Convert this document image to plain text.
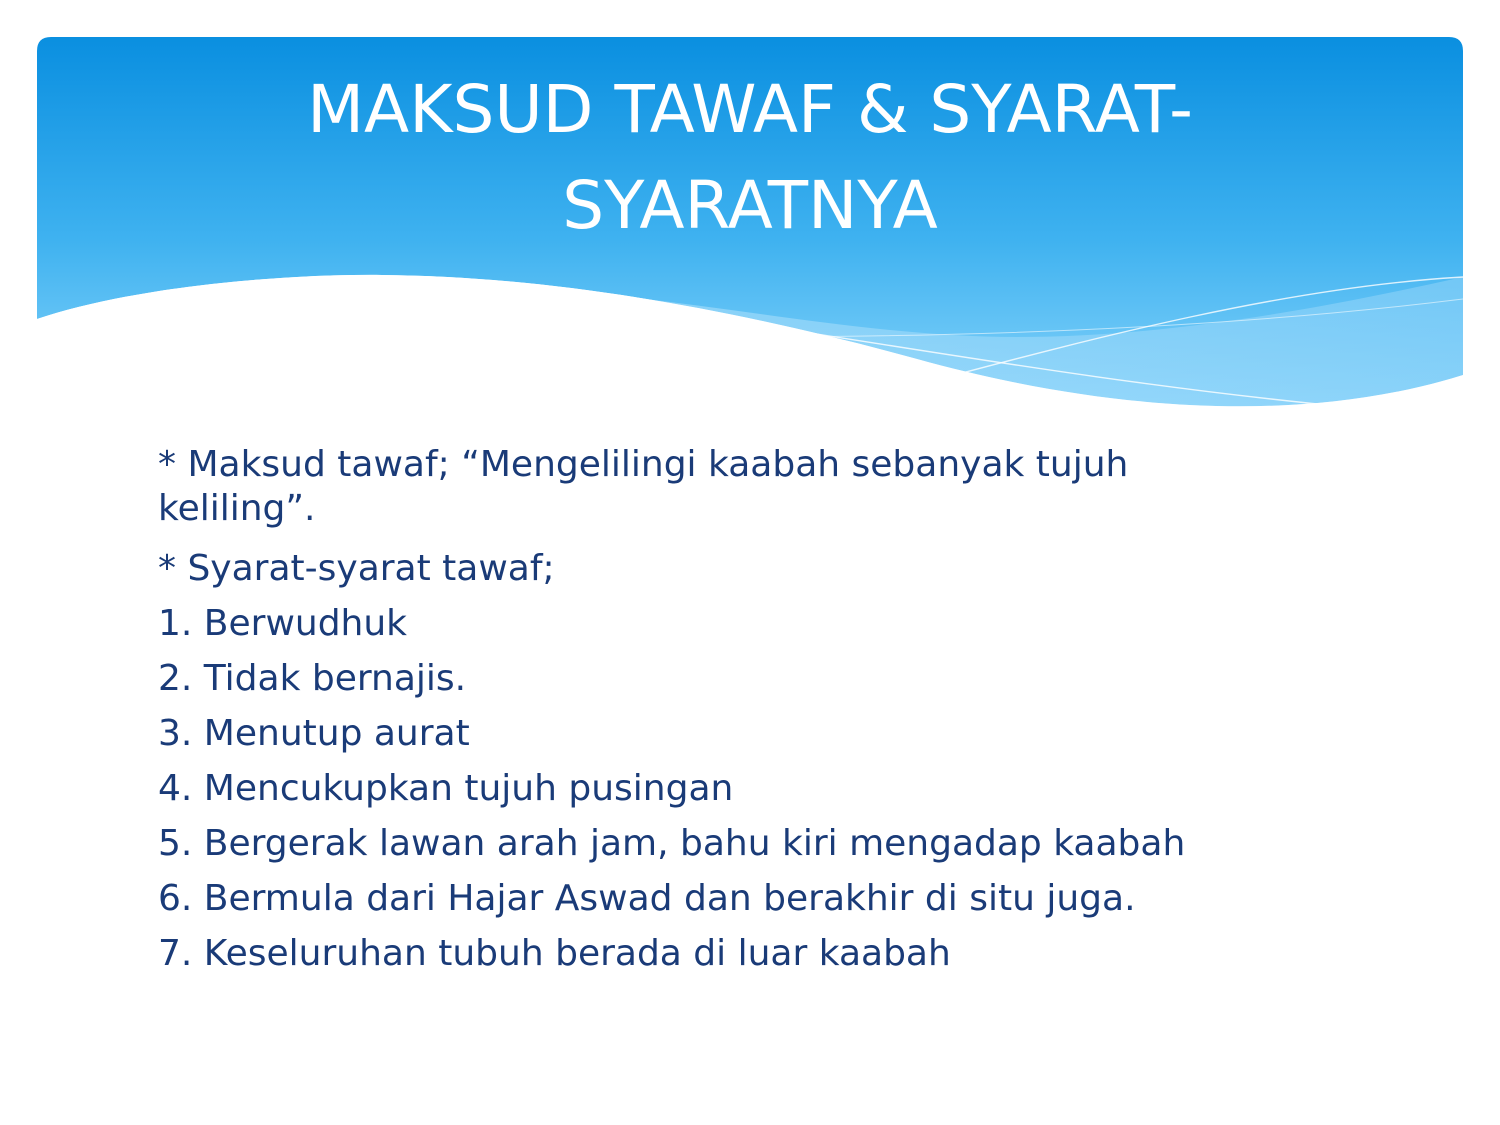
MAKSUD TAWAF & SYARAT-
SYARATNYA

* Maksud tawaf; “Mengelilingi kaabah sebanyak tujuh
keliling”.

* Syarat-syarat tawaf;

1. Berwudhuk

2. Tidak bernajis.

3. Menutup aurat

4. Mencukupkan tujuh pusingan

5. Bergerak lawan arah jam, bahu kiri mengadap kaabah

6. Bermula dari Hajar Aswad dan berakhir di situ juga.

7. Keseluruhan tubuh berada di luar kaabah
